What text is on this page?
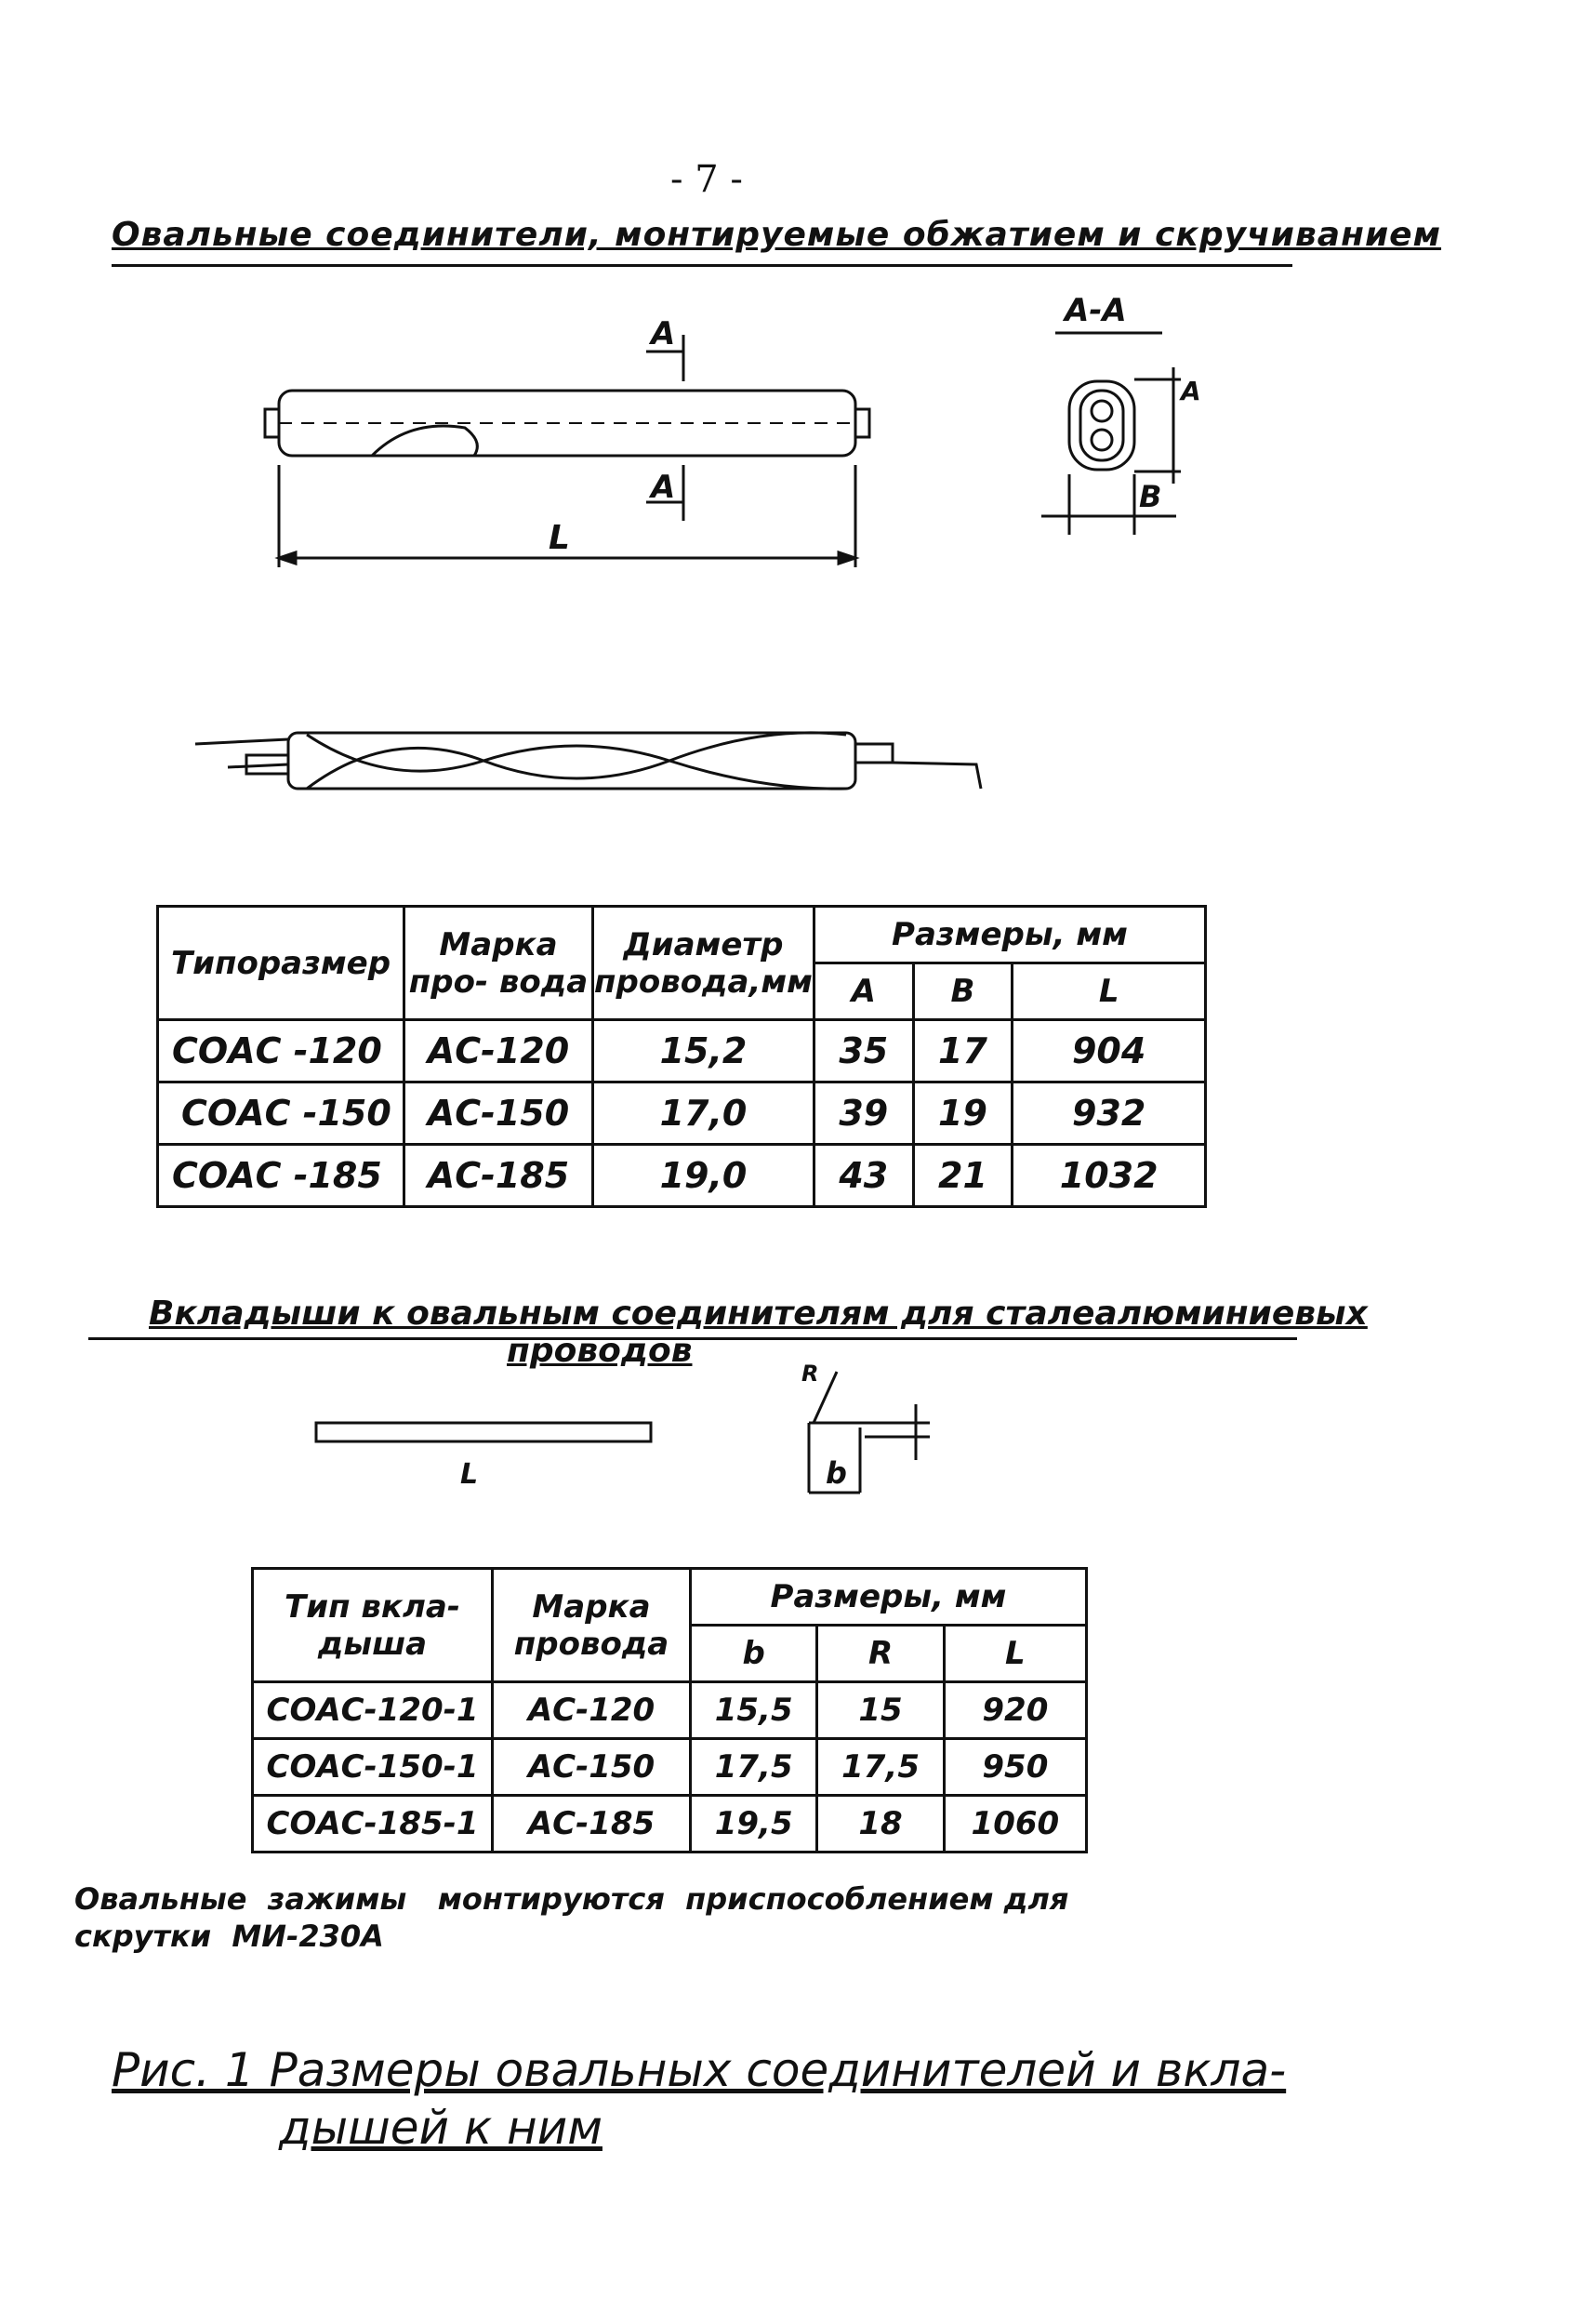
- 7 -
Овальные соединители, монтируемые обжатием и скручиванием
A
A
L
A-A
B
A
Типоразмер	Марка про- вода	Диаметр провода,мм	Размеры, мм		
			A	B	L
СОАС -120	АС-120	15,2	35	17	904
СОАС -150	АС-150	17,0	39	19	932
СОАС -185	АС-185	19,0	43	21	1032
Вкладыши к овальным соединителям для сталеалюминиевых
проводов
L
R
b
Тип вкла- дыша	Марка провода	Размеры, мм		
		b	R	L
СОАС-120-1	АС-120	15,5	15	920
СОАС-150-1	АС-150	17,5	17,5	950
СОАС-185-1	АС-185	19,5	18	1060
Овальные  зажимы   монтируются  приспособлением для
скрутки  МИ-230А
Рис. 1 Размеры овальных соединителей и вкла-
дышей к ним
